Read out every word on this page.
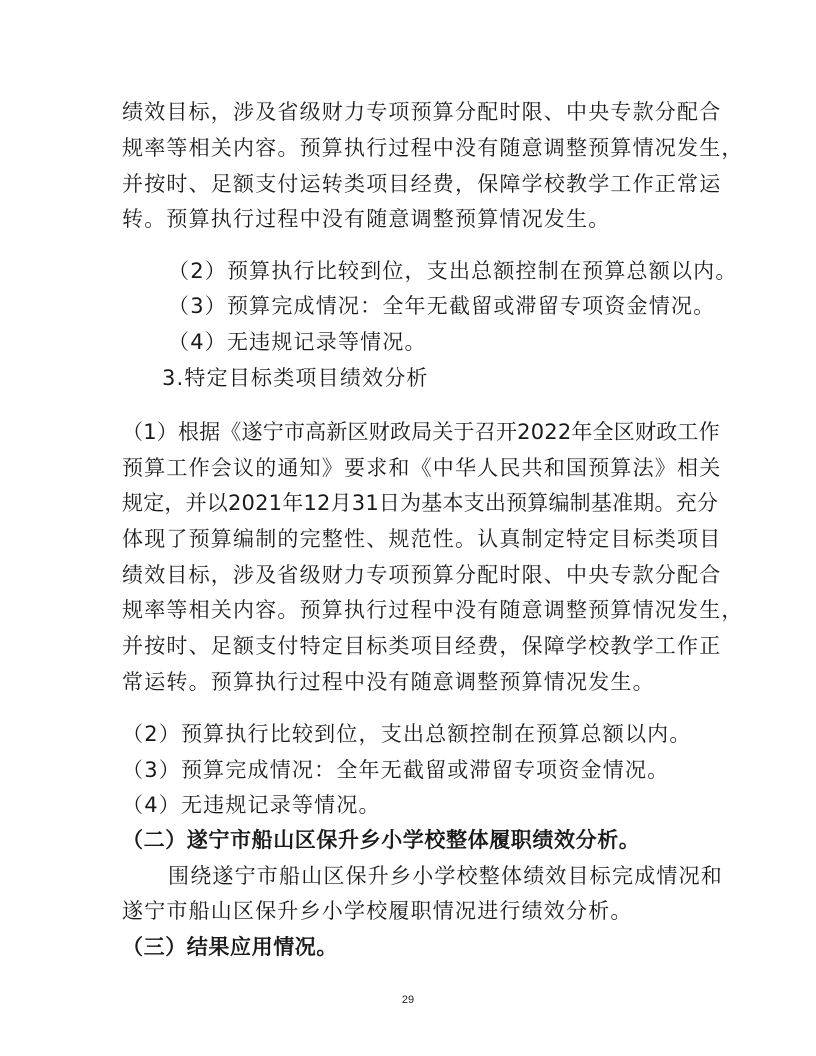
绩效目标，涉及省级财力专项预算分配时限、中央专款分配合
规率等相关内容。预算执行过程中没有随意调整预算情况发生，
并按时、足额支付运转类项目经费，保障学校教学工作正常运
转。预算执行过程中没有随意调整预算情况发生。
（2）预算执行比较到位，支出总额控制在预算总额以内。
（3）预算完成情况：全年无截留或滞留专项资金情况。
（4）无违规记录等情况。
3.特定目标类项目绩效分析
（1）根据《遂宁市高新区财政局关于召开2022年全区财政工作
预算工作会议的通知》要求和《中华人民共和国预算法》相关
规定，并以2021年12月31日为基本支出预算编制基准期。充分
体现了预算编制的完整性、规范性。认真制定特定目标类项目
绩效目标，涉及省级财力专项预算分配时限、中央专款分配合
规率等相关内容。预算执行过程中没有随意调整预算情况发生，
并按时、足额支付特定目标类项目经费，保障学校教学工作正
常运转。预算执行过程中没有随意调整预算情况发生。
（2）预算执行比较到位，支出总额控制在预算总额以内。
（3）预算完成情况：全年无截留或滞留专项资金情况。
（4）无违规记录等情况。
（二）遂宁市船山区保升乡小学校整体履职绩效分析。
围绕遂宁市船山区保升乡小学校整体绩效目标完成情况和
遂宁市船山区保升乡小学校履职情况进行绩效分析。
（三）结果应用情况。
29
